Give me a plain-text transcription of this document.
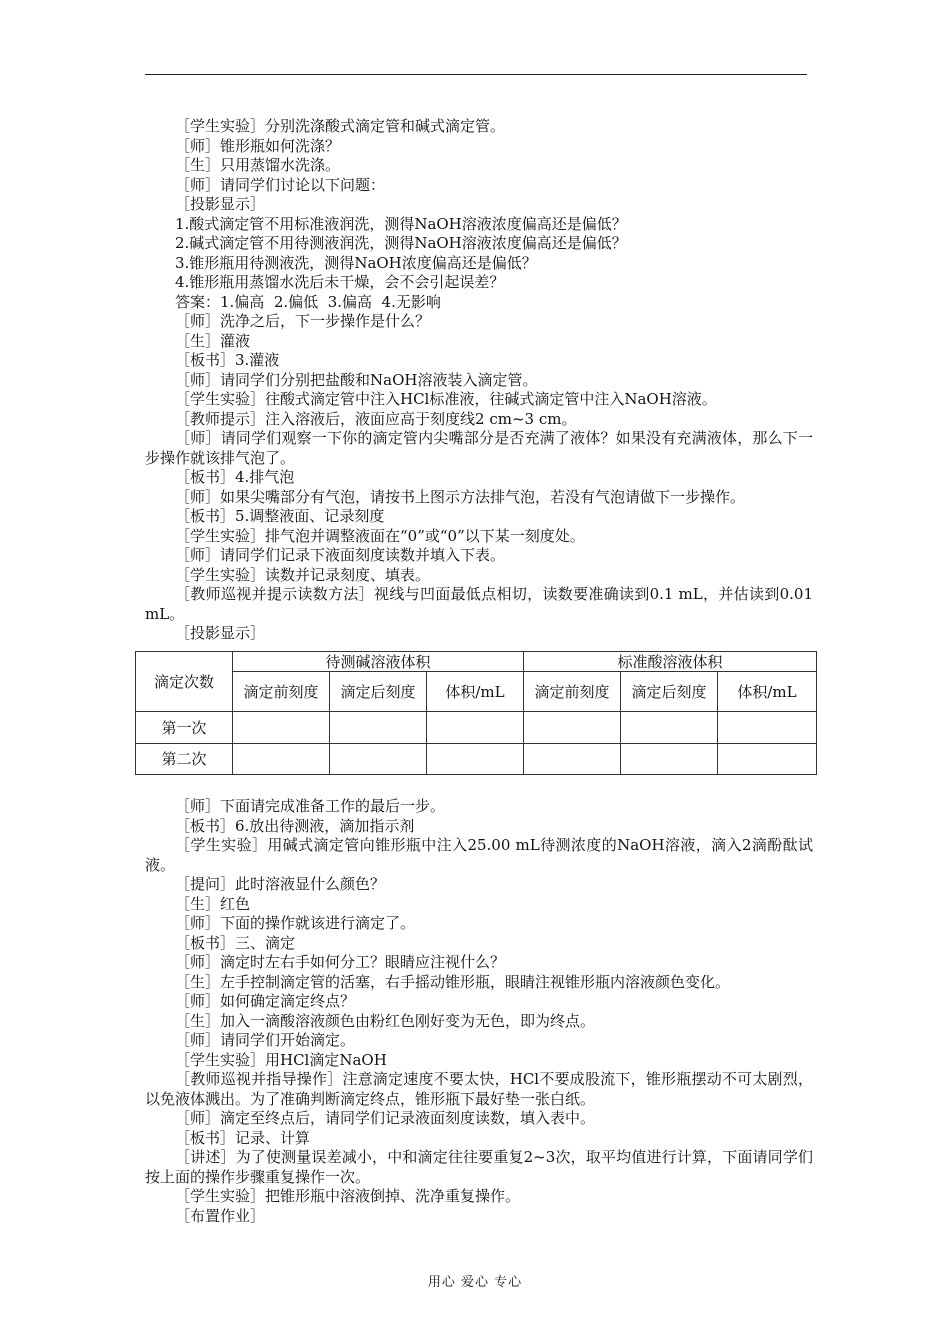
［学生实验］分别洗涤酸式滴定管和碱式滴定管。
［师］锥形瓶如何洗涤？
［生］只用蒸馏水洗涤。
［师］请同学们讨论以下问题：
［投影显示］
1.酸式滴定管不用标准液润洗，测得NaOH溶液浓度偏高还是偏低？
2.碱式滴定管不用待测液润洗，测得NaOH溶液浓度偏高还是偏低？
3.锥形瓶用待测液洗，测得NaOH浓度偏高还是偏低？
4.锥形瓶用蒸馏水洗后未干燥，会不会引起误差？
答案：1.偏高  2.偏低  3.偏高  4.无影响
［师］洗净之后，下一步操作是什么？
［生］灌液
［板书］3.灌液
［师］请同学们分别把盐酸和NaOH溶液装入滴定管。
［学生实验］往酸式滴定管中注入HCl标准液，往碱式滴定管中注入NaOH溶液。
［教师提示］注入溶液后，液面应高于刻度线2 cm~3 cm。
［师］请同学们观察一下你的滴定管内尖嘴部分是否充满了液体？如果没有充满液体，那么下一步操作就该排气泡了。
［板书］4.排气泡
［师］如果尖嘴部分有气泡，请按书上图示方法排气泡，若没有气泡请做下一步操作。
［板书］5.调整液面、记录刻度
［学生实验］排气泡并调整液面在“0”或“0”以下某一刻度处。
［师］请同学们记录下液面刻度读数并填入下表。
［学生实验］读数并记录刻度、填表。
［教师巡视并提示读数方法］视线与凹面最低点相切，读数要准确读到0.1 mL，并估读到0.01 mL。
［投影显示］
滴定次数	待测碱溶液体积			标准酸溶液体积		
	滴定前刻度	滴定后刻度	体积/mL	滴定前刻度	滴定后刻度	体积/mL
第一次						
第二次						
［师］下面请完成准备工作的最后一步。
［板书］6.放出待测液，滴加指示剂
［学生实验］用碱式滴定管向锥形瓶中注入25.00 mL待测浓度的NaOH溶液，滴入2滴酚酞试液。
［提问］此时溶液显什么颜色？
［生］红色
［师］下面的操作就该进行滴定了。
［板书］三、滴定
［师］滴定时左右手如何分工？眼睛应注视什么？
［生］左手控制滴定管的活塞，右手摇动锥形瓶，眼睛注视锥形瓶内溶液颜色变化。
［师］如何确定滴定终点？
［生］加入一滴酸溶液颜色由粉红色刚好变为无色，即为终点。
［师］请同学们开始滴定。
［学生实验］用HCl滴定NaOH
［教师巡视并指导操作］注意滴定速度不要太快，HCl不要成股流下，锥形瓶摆动不可太剧烈，以免液体溅出。为了准确判断滴定终点，锥形瓶下最好垫一张白纸。
［师］滴定至终点后，请同学们记录液面刻度读数，填入表中。
［板书］记录、计算
［讲述］为了使测量误差减小，中和滴定往往要重复2~3次，取平均值进行计算，下面请同学们按上面的操作步骤重复操作一次。
［学生实验］把锥形瓶中溶液倒掉、洗净重复操作。
［布置作业］
用心 爱心 专心
